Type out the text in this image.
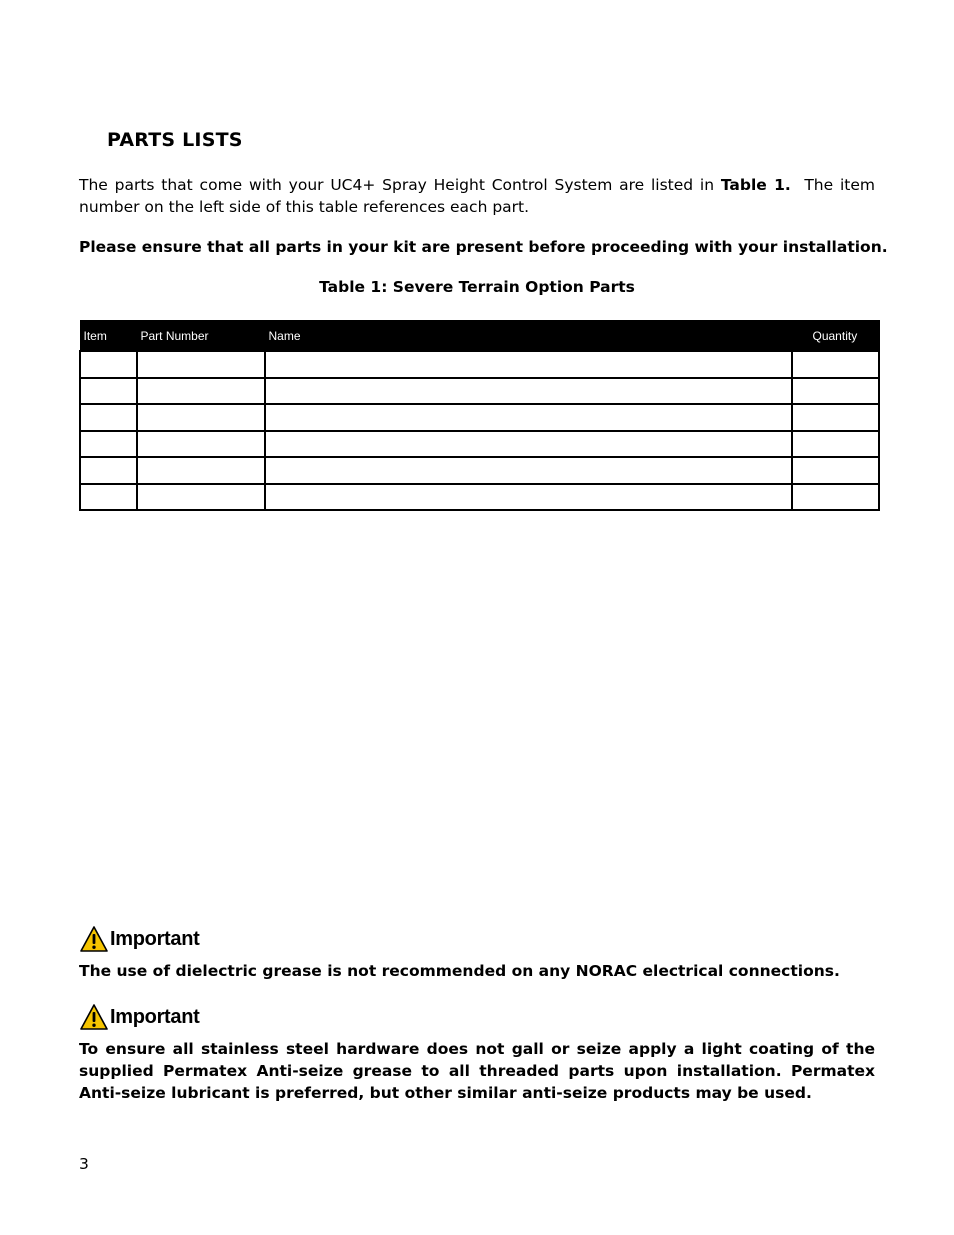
PARTS LISTS

The parts that come with your UC4+ Spray Height Control System are listed in Table 1.  The item number on the left side of this table references each part.

Please ensure that all parts in your kit are present before proceeding with your installation.

Table 1: Severe Terrain Option Parts

Item	Part Number	Name	Quantity

Important

The use of dielectric grease is not recommended on any NORAC electrical connections.

Important

To ensure all stainless steel hardware does not gall or seize apply a light coating of the supplied Permatex Anti-seize grease to all threaded parts upon installation. Permatex Anti-seize lubricant is preferred, but other similar anti-seize products may be used.

3
